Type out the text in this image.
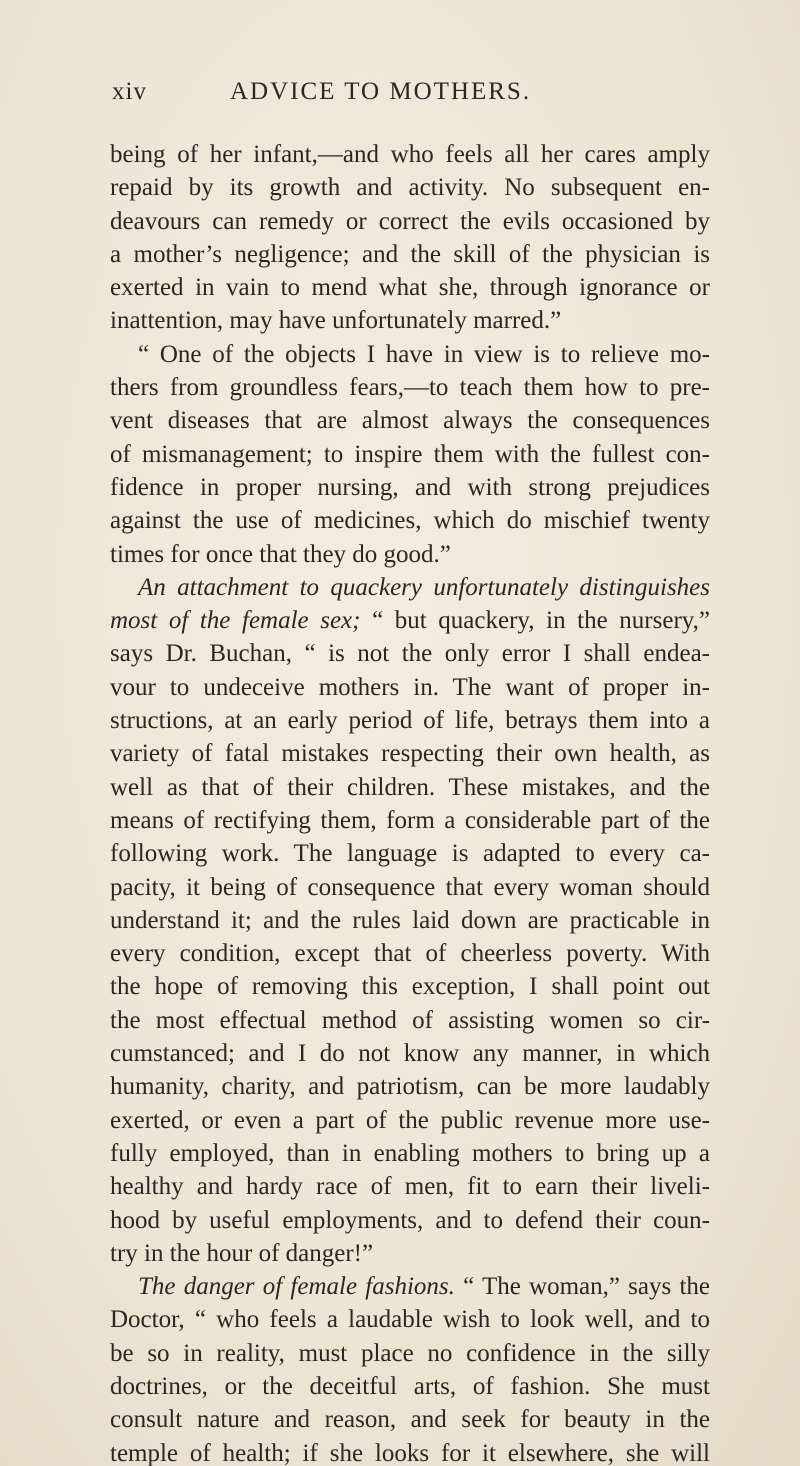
xiv	ADVICE TO MOTHERS.
being of her infant,—and who feels all her cares amply
repaid by its growth and activity. No subsequent en-
deavours can remedy or correct the evils occasioned by
a mother’s negligence; and the skill of the physician is
exerted in vain to mend what she, through ignorance or
inattention, may have unfortunately marred.”
“ One of the objects I have in view is to relieve mo-
thers from groundless fears,—to teach them how to pre-
vent diseases that are almost always the consequences
of mismanagement; to inspire them with the fullest con-
fidence in proper nursing, and with strong prejudices
against the use of medicines, which do mischief twenty
times for once that they do good.”
An attachment to quackery unfortunately distinguishes
most of the female sex; “ but quackery, in the nursery,”
says Dr. Buchan, “ is not the only error I shall endea-
vour to undeceive mothers in. The want of proper in-
structions, at an early period of life, betrays them into a
variety of fatal mistakes respecting their own health, as
well as that of their children. These mistakes, and the
means of rectifying them, form a considerable part of the
following work. The language is adapted to every ca-
pacity, it being of consequence that every woman should
understand it; and the rules laid down are practicable in
every condition, except that of cheerless poverty. With
the hope of removing this exception, I shall point out
the most effectual method of assisting women so cir-
cumstanced; and I do not know any manner, in which
humanity, charity, and patriotism, can be more laudably
exerted, or even a part of the public revenue more use-
fully employed, than in enabling mothers to bring up a
healthy and hardy race of men, fit to earn their liveli-
hood by useful employments, and to defend their coun-
try in the hour of danger!”
The danger of female fashions. “ The woman,” says the
Doctor, “ who feels a laudable wish to look well, and to
be so in reality, must place no confidence in the silly
doctrines, or the deceitful arts, of fashion. She must
consult nature and reason, and seek for beauty in the
temple of health; if she looks for it elsewhere, she will
